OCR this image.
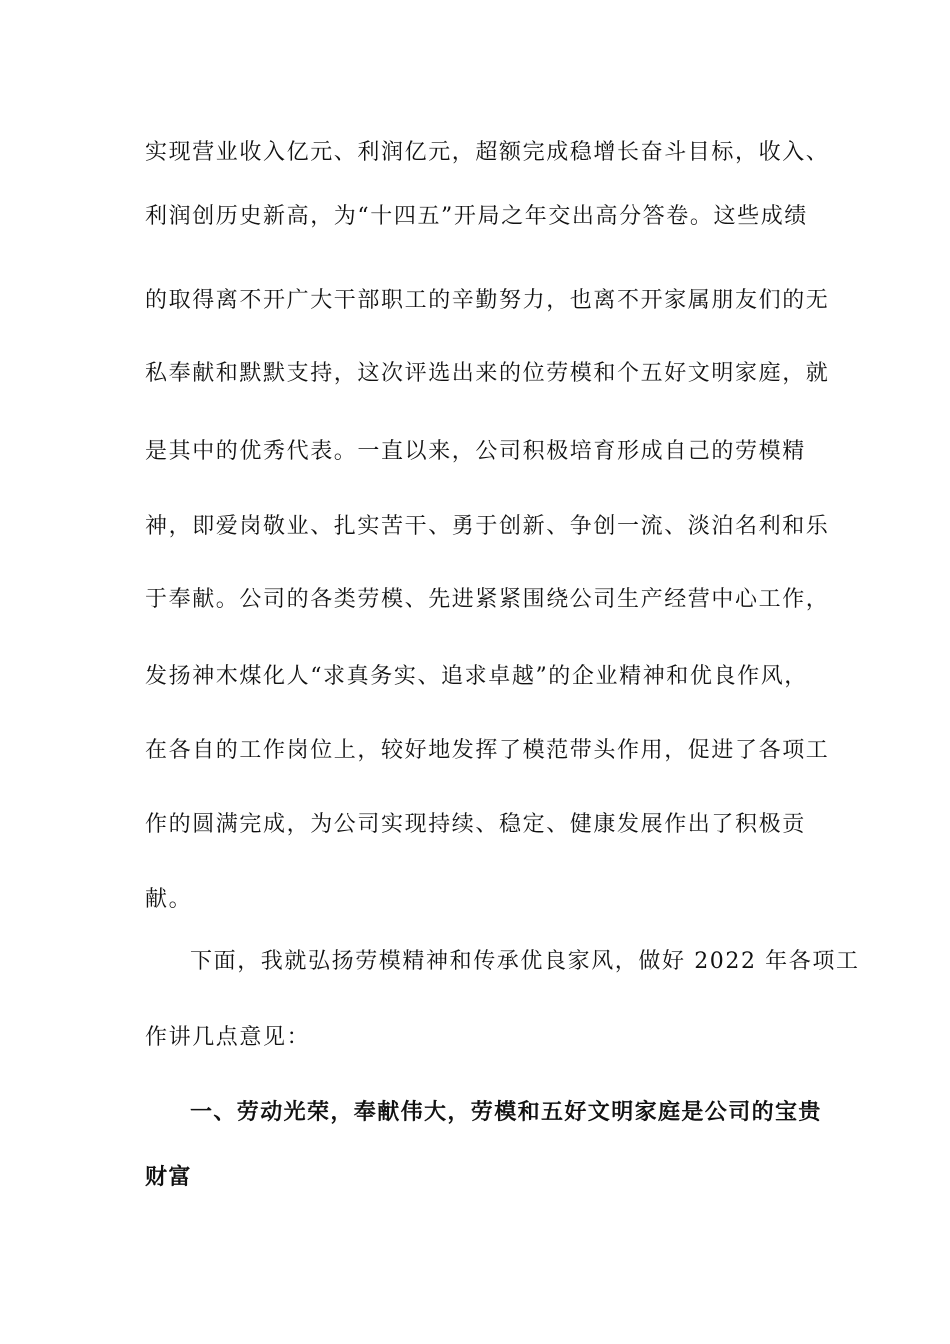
实现营业收入亿元、利润亿元，超额完成稳增长奋斗目标，收入、
利润创历史新高，为“十四五”开局之年交出高分答卷。这些成绩
的取得离不开广大干部职工的辛勤努力，也离不开家属朋友们的无
私奉献和默默支持，这次评选出来的位劳模和个五好文明家庭，就
是其中的优秀代表。一直以来，公司积极培育形成自己的劳模精
神，即爱岗敬业、扎实苦干、勇于创新、争创一流、淡泊名利和乐
于奉献。公司的各类劳模、先进紧紧围绕公司生产经营中心工作，
发扬神木煤化人“求真务实、追求卓越”的企业精神和优良作风，
在各自的工作岗位上，较好地发挥了模范带头作用，促进了各项工
作的圆满完成，为公司实现持续、稳定、健康发展作出了积极贡
献。
下面，我就弘扬劳模精神和传承优良家风，做好 2022 年各项工
作讲几点意见：
一、劳动光荣，奉献伟大，劳模和五好文明家庭是公司的宝贵
财富
